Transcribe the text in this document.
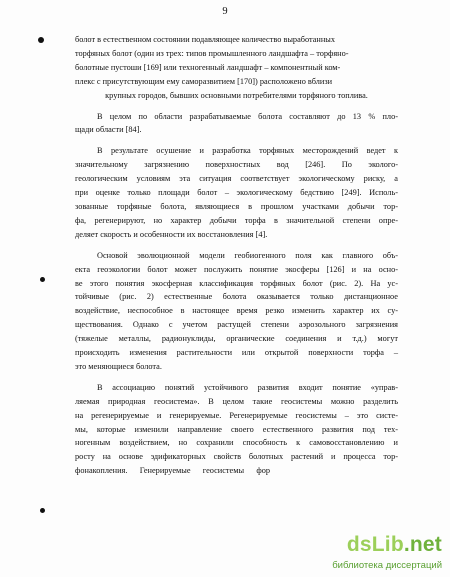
9

болот в естественном состоянии подавляющее количество выработанных
торфяных болот (один из трех: типов промышленного ландшафта – торфяно-
болотные пустоши [169] или техногенный ландшафт – компонентный ком-
плекс с присутствующим ему саморазвитием [170]) расположено вблизи
крупных городов, бывших основными потребителями торфяного топлива.

В целом по области разрабатываемые болота составляют до 13 % пло-
щади области [84].

В результате осушение и разработка торфяных месторождений ведет к
значительному загрязнению поверхностных вод [246]. По эколого-
геологическим условиям эта ситуация соответствует экологическому риску, а
при оценке только площади болот – экологическому бедствию [249]. Исполь-
зованные торфяные болота, являющиеся в прошлом участками добычи тор-
фа, регенерируют, но характер добычи торфа в значительной степени опре-
деляет скорость и особенности их восстановления [4].

Основой эволюционной модели геобиогенного поля как главного объ-
екта геоэкологии болот может послужить понятие экосферы [126] и на осно-
ве этого понятия экосферная классификация торфяных болот (рис. 2). На ус-
тойчивые (рис. 2) естественные болота оказывается только дистанционное
воздействие, неспособное в настоящее время резко изменить характер их су-
ществования. Однако с учетом растущей степени аэрозольного загрязнения
(тяжелые металлы, радионуклиды, органические соединения и т.д.) могут
происходить изменения растительности или открытой поверхности торфа –
это меняющиеся болота.

В ассоциацию понятий устойчивого развития входит понятие «управ-
ляемая природная геосистема». В целом такие геосистемы можно разделить
на регенерируемые и генерируемые. Регенерируемые геосистемы – это систе-
мы, которые изменили направление своего естественного развития под тех-
ногенным воздействием, но сохранили способность к самовосстановлению и
росту на основе эдификаторных свойств болотных растений и процесса тор-
фонакопления. Генерируемые геосистемы фор

dsLib.net
библиотека диссертаций
